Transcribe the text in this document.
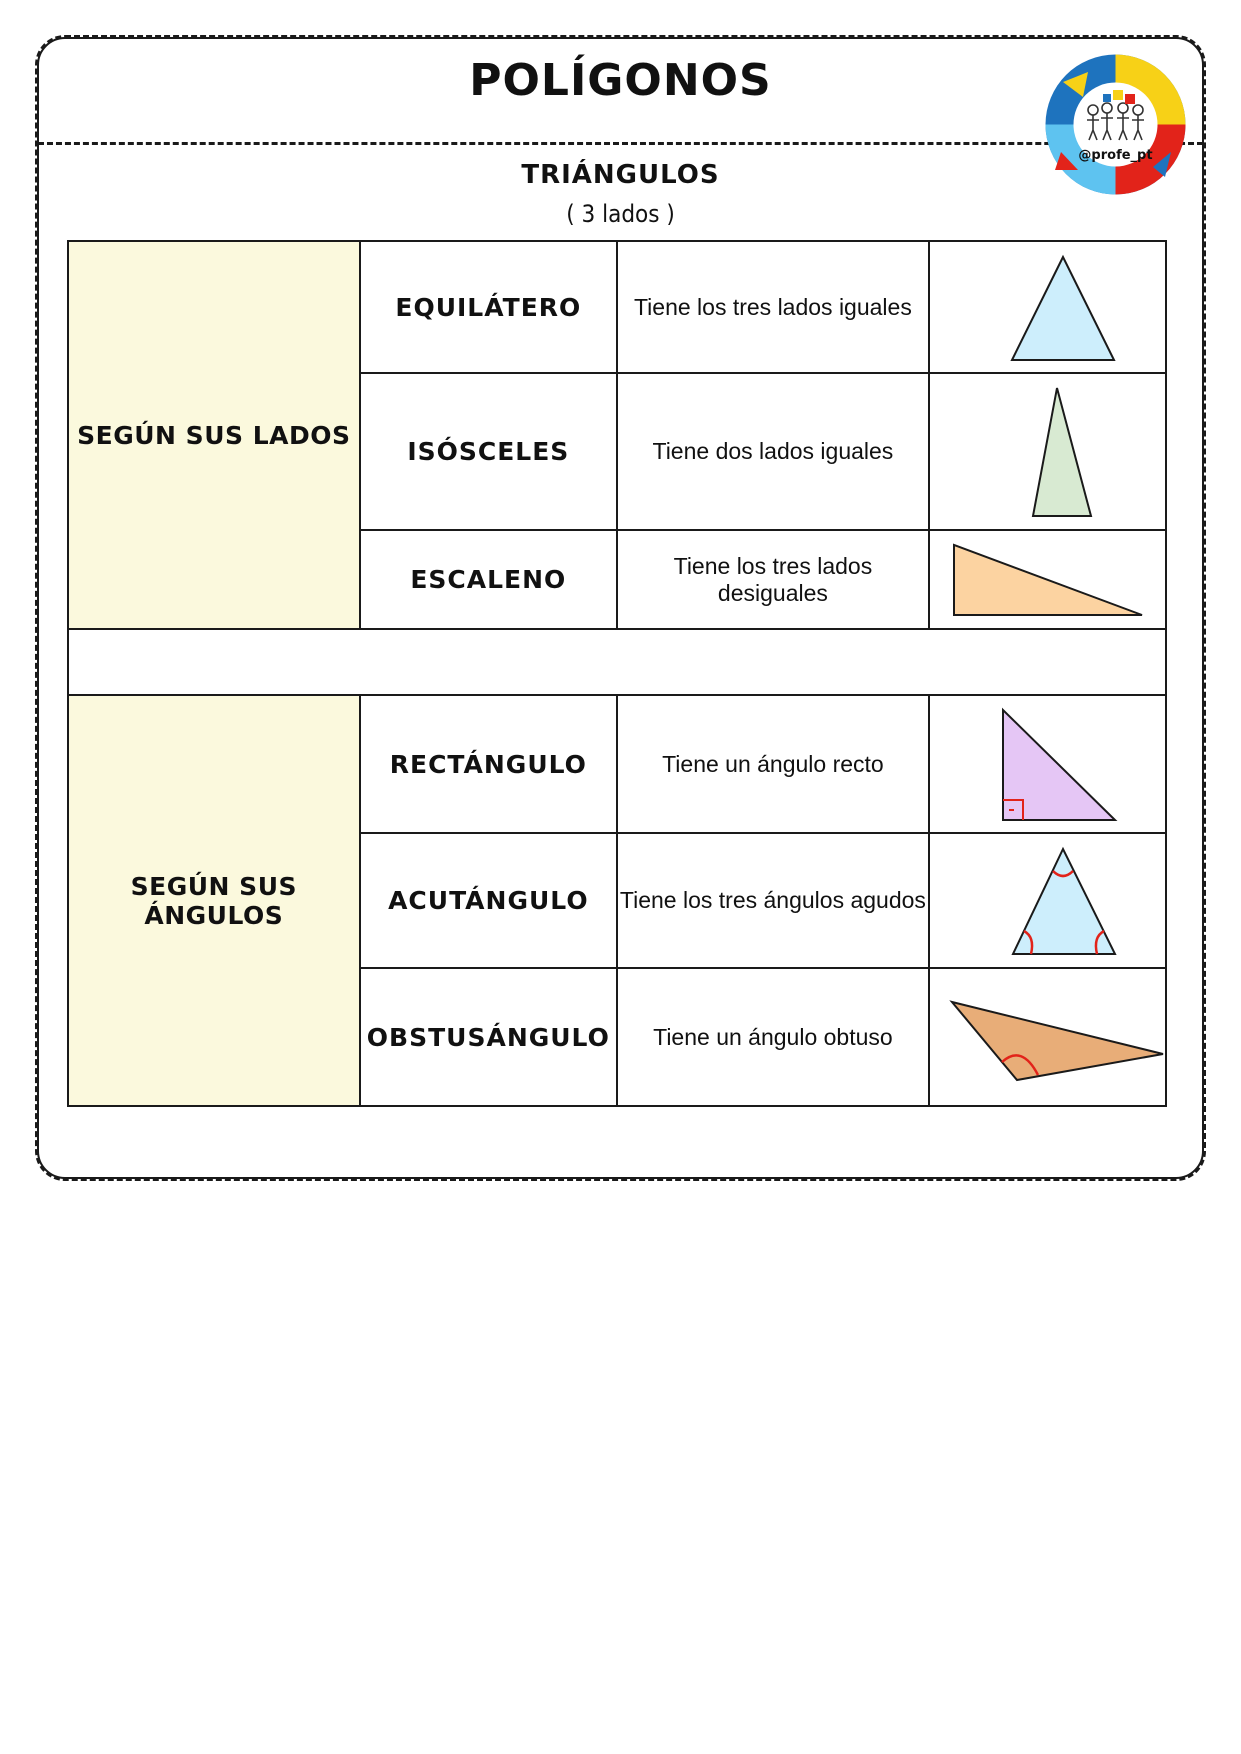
POLÍGONOS
@profe_pt
TRIÁNGULOS
( 3 lados )
SEGÚN SUS LADOS	EQUILÁTERO	Tiene los tres lados iguales	

	ISÓSCELES	Tiene dos lados iguales	

	ESCALENO	Tiene los tres lados desiguales	

SEGÚN SUS ÁNGULOS	RECTÁNGULO	Tiene un ángulo recto	

	ACUTÁNGULO	Tiene los tres ángulos agudos	

	OBSTUSÁNGULO	Tiene un ángulo obtuso	
